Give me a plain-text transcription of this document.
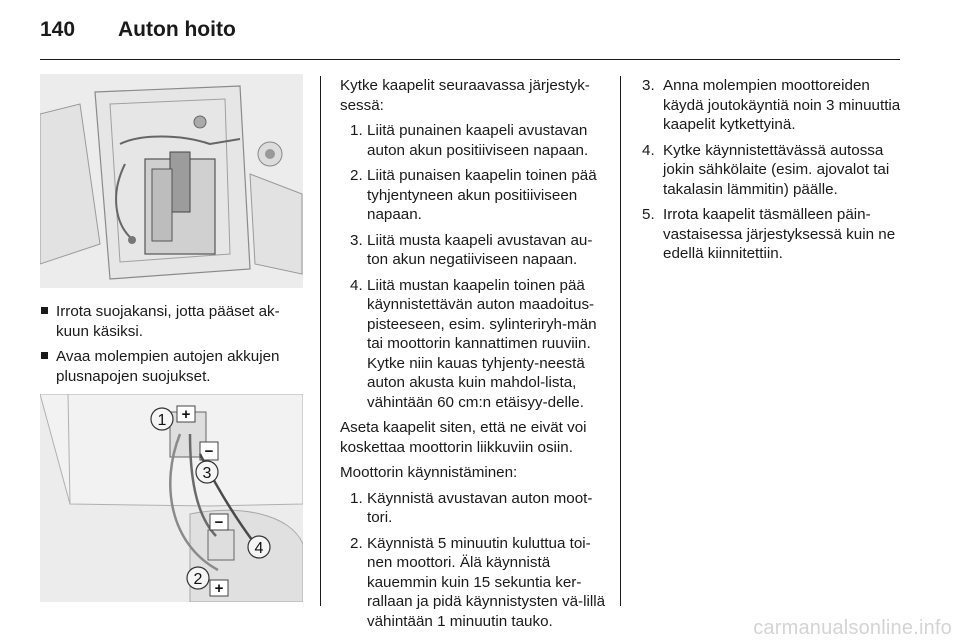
140	Auton hoito
Irrota suojakansi, jotta pääset ak-kuun käsiksi.
Avaa molempien autojen akkujen plusnapojen suojukset.
1
2
3
4
+
−
−
+

Kytke kaapelit seuraavassa järjestyk-sessä:

1. Liitä punainen kaapeli avustavan auton akun positiiviseen napaan.
2. Liitä punaisen kaapelin toinen pää tyhjentyneen akun positiiviseen napaan.
3. Liitä musta kaapeli avustavan au-ton akun negatiiviseen napaan.
4. Liitä mustan kaapelin toinen pää käynnistettävän auton maadoitus-pisteeseen, esim. sylinteriryh-män tai moottorin kannattimen ruuviin. Kytke niin kauas tyhjenty-neestä auton akusta kuin mahdol-lista, vähintään 60 cm:n etäisyy-delle.

Aseta kaapelit siten, että ne eivät voi koskettaa moottorin liikkuviin osiin.

Moottorin käynnistäminen:

1. Käynnistä avustavan auton moot-tori.
2. Käynnistä 5 minuutin kuluttua toi-nen moottori. Älä käynnistä kauemmin kuin 15 sekuntia ker-rallaan ja pidä käynnistysten vä-lillä vähintään 1 minuutin tauko.
3. Anna molempien moottoreiden käydä joutokäyntiä noin 3 minuuttia kaapelit kytkettyinä.
4. Kytke käynnistettävässä autossa jokin sähkölaite (esim. ajovalot tai takalasin lämmitin) päälle.
5. Irrota kaapelit täsmälleen päin-vastaisessa järjestyksessä kuin ne edellä kiinnitettiin.
carmanualsonline.info
